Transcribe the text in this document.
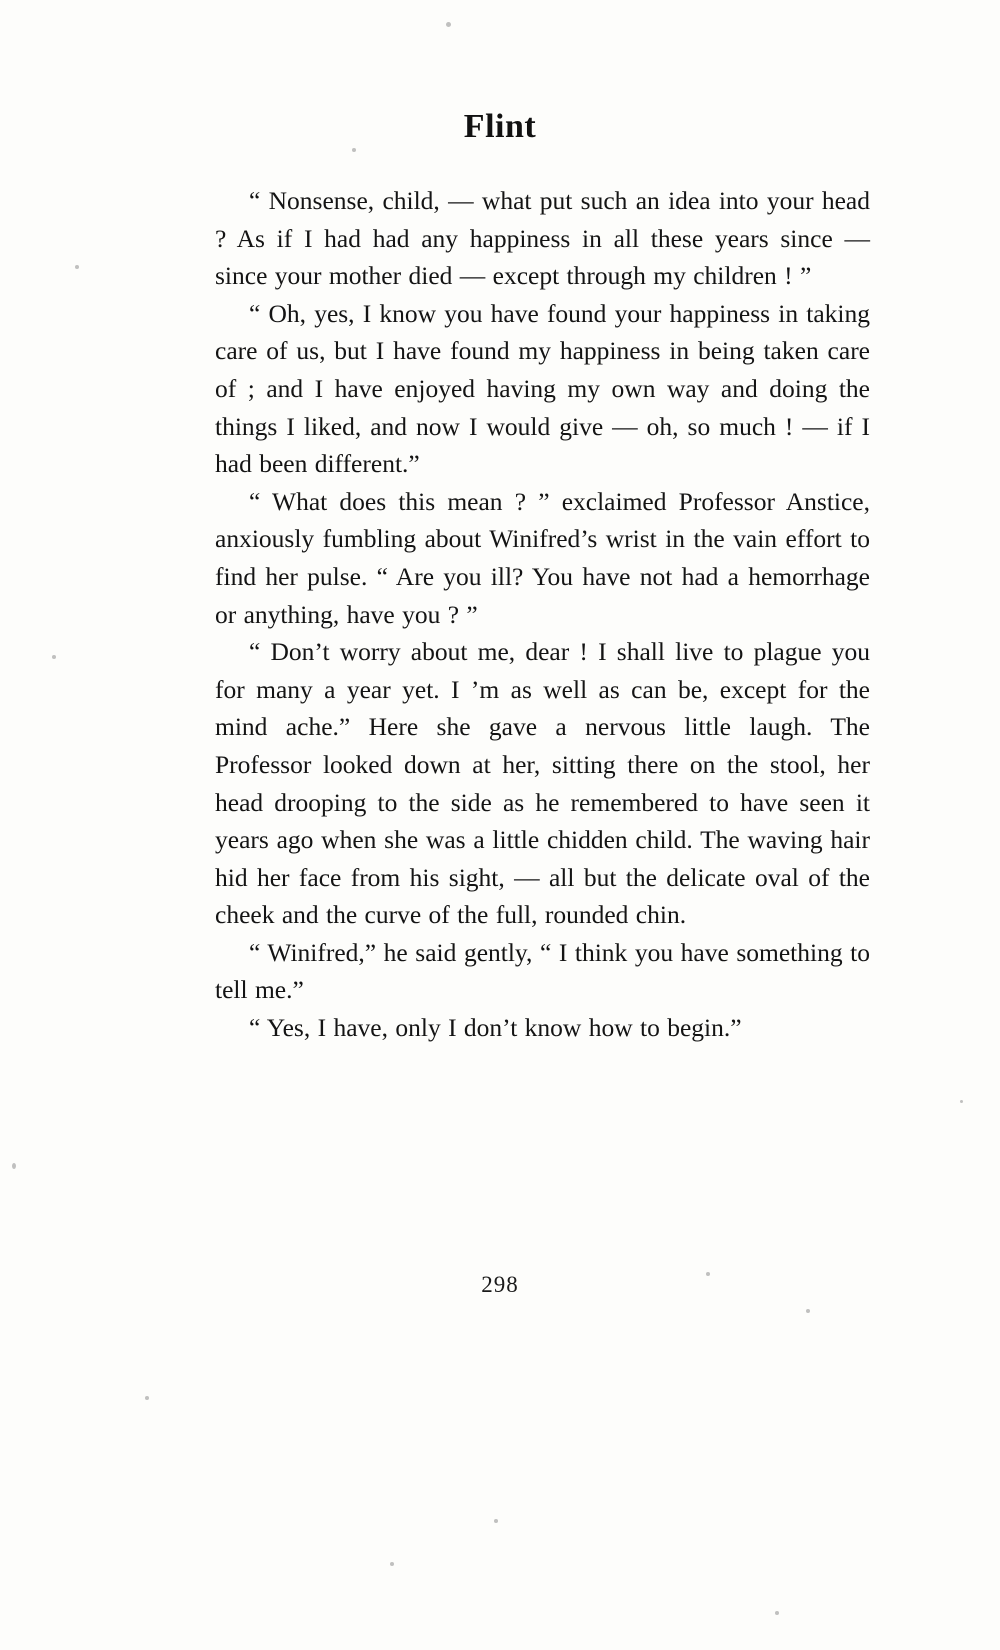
Flint

“ Nonsense, child, — what put such an idea into your head ? As if I had had any happiness in all these years since — since your mother died — except through my children ! ”

“ Oh, yes, I know you have found your happiness in taking care of us, but I have found my happiness in being taken care of ; and I have enjoyed having my own way and doing the things I liked, and now I would give — oh, so much ! — if I had been different.”

“ What does this mean ? ” exclaimed Professor Anstice, anxiously fumbling about Winifred’s wrist in the vain effort to find her pulse. “ Are you ill? You have not had a hemorrhage or anything, have you ? ”

“ Don’t worry about me, dear ! I shall live to plague you for many a year yet. I ’m as well as can be, except for the mind ache.” Here she gave a nervous little laugh. The Professor looked down at her, sitting there on the stool, her head drooping to the side as he remembered to have seen it years ago when she was a little chidden child. The waving hair hid her face from his sight, — all but the delicate oval of the cheek and the curve of the full, rounded chin.

“ Winifred,” he said gently, “ I think you have something to tell me.”

“ Yes, I have, only I don’t know how to begin.”

298
